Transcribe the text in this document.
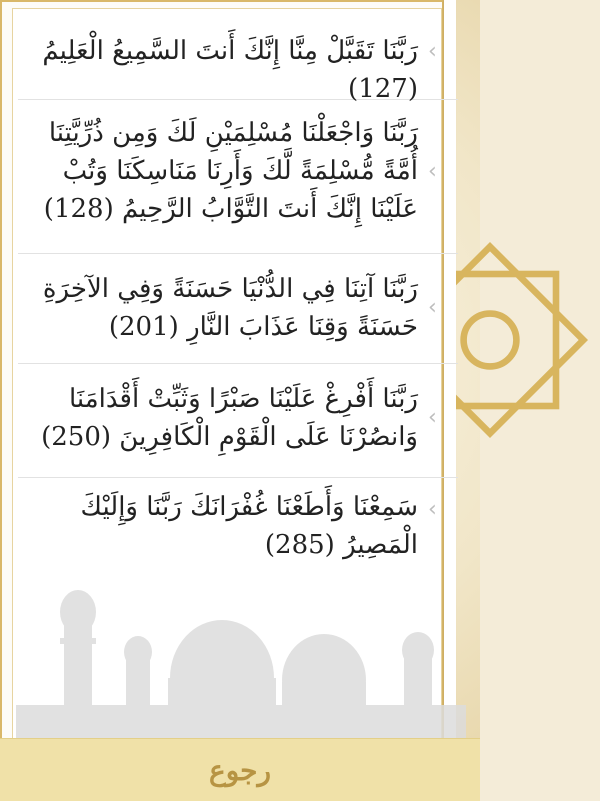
رَبَّنَا تَقَبَّلْ مِنَّا إِنَّكَ أَنتَ السَّمِيعُ الْعَلِيمُ (127)
‹
رَبَّنَا وَاجْعَلْنَا مُسْلِمَيْنِ لَكَ وَمِن ذُرِّيَّتِنَا أُمَّةً مُّسْلِمَةً لَّكَ وَأَرِنَا مَنَاسِكَنَا وَتُبْ عَلَيْنَا إِنَّكَ أَنتَ التَّوَّابُ الرَّحِيمُ (128)
‹
رَبَّنَا آتِنَا فِي الدُّنْيَا حَسَنَةً وَفِي الآخِرَةِ حَسَنَةً وَقِنَا عَذَابَ النَّارِ (201)
‹
رَبَّنَا أَفْرِغْ عَلَيْنَا صَبْرًا وَثَبِّتْ أَقْدَامَنَا وَانصُرْنَا عَلَى الْقَوْمِ الْكَافِرِينَ (250)
‹
سَمِعْنَا وَأَطَعْنَا غُفْرَانَكَ رَبَّنَا وَإِلَيْكَ الْمَصِيرُ (285)
‹
رجوع
